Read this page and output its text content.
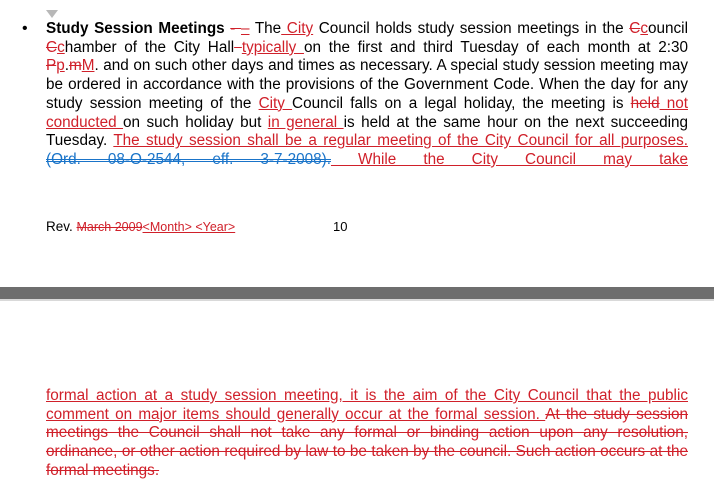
• Study Session Meetings - – The City Council holds study session meetings in the Ccouncil Cchamber of the City Hall typically on the first and third Tuesday of each month at 2:30 Pp.mM. and on such other days and times as necessary. A special study session meeting may be ordered in accordance with the provisions of the Government Code. When the day for any study session meeting of the City Council falls on a legal holiday, the meeting is held not conducted on such holiday but in general is held at the same hour on the next succeeding Tuesday. The study session shall be a regular meeting of the City Council for all purposes. (Ord. 08-O-2544, eff. 3-7-2008). While the City Council may take

Rev. March 2009<Month> <Year>	10

formal action at a study session meeting, it is the aim of the City Council that the public comment on major items should generally occur at the formal session. At the study session meetings the Council shall not take any formal or binding action upon any resolution, ordinance, or other action required by law to be taken by the council. Such action occurs at the formal meetings.
